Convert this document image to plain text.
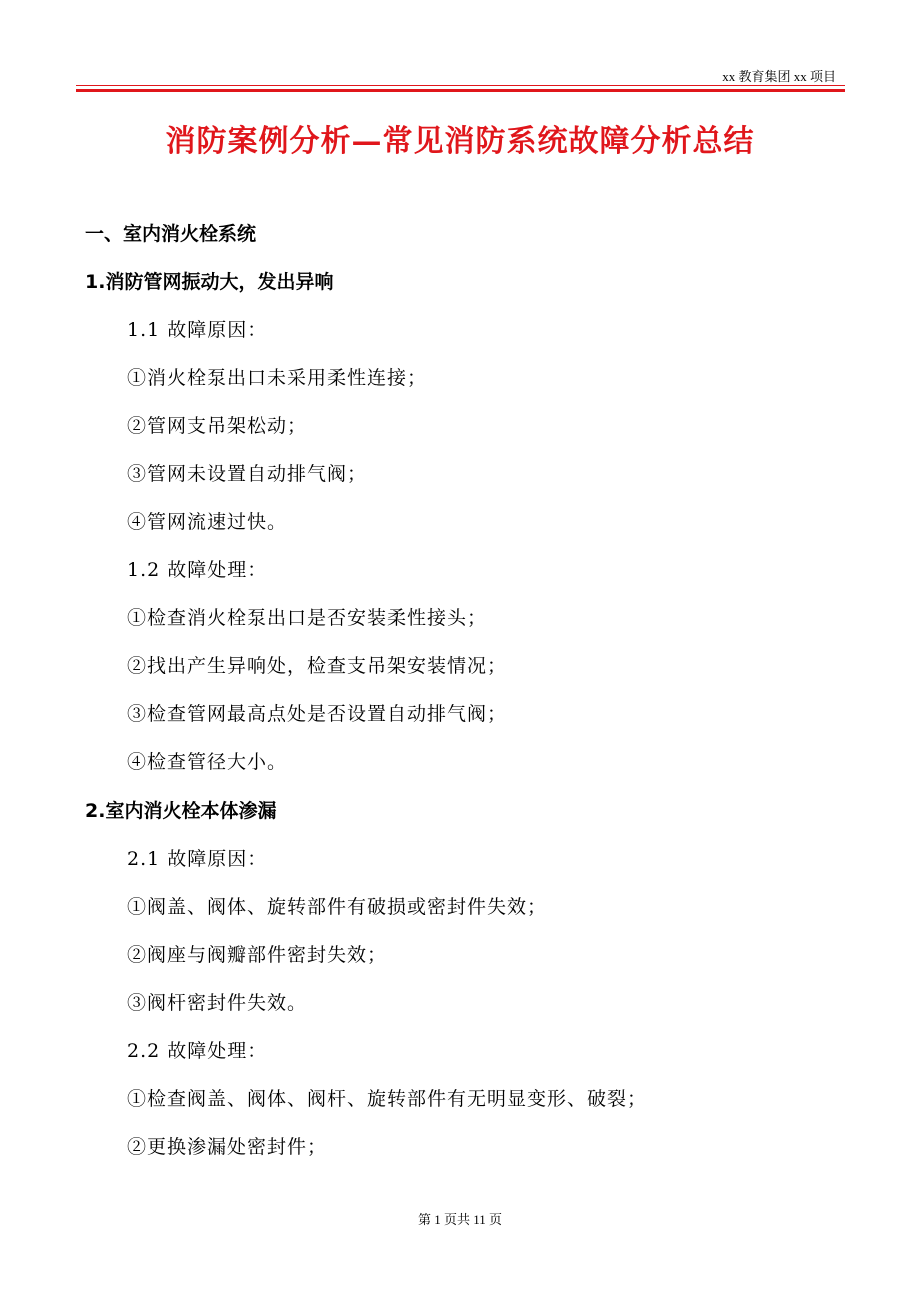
xx 教育集团 xx 项目
消防案例分析—常见消防系统故障分析总结
一、室内消火栓系统
1.消防管网振动大，发出异响
1.1 故障原因：
①消火栓泵出口未采用柔性连接；
②管网支吊架松动；
③管网未设置自动排气阀；
④管网流速过快。
1.2 故障处理：
①检查消火栓泵出口是否安装柔性接头；
②找出产生异响处，检查支吊架安装情况；
③检查管网最高点处是否设置自动排气阀；
④检查管径大小。
2.室内消火栓本体渗漏
2.1 故障原因：
①阀盖、阀体、旋转部件有破损或密封件失效；
②阀座与阀瓣部件密封失效；
③阀杆密封件失效。
2.2 故障处理：
①检查阀盖、阀体、阀杆、旋转部件有无明显变形、破裂；
②更换渗漏处密封件；
第 1 页共 11 页
